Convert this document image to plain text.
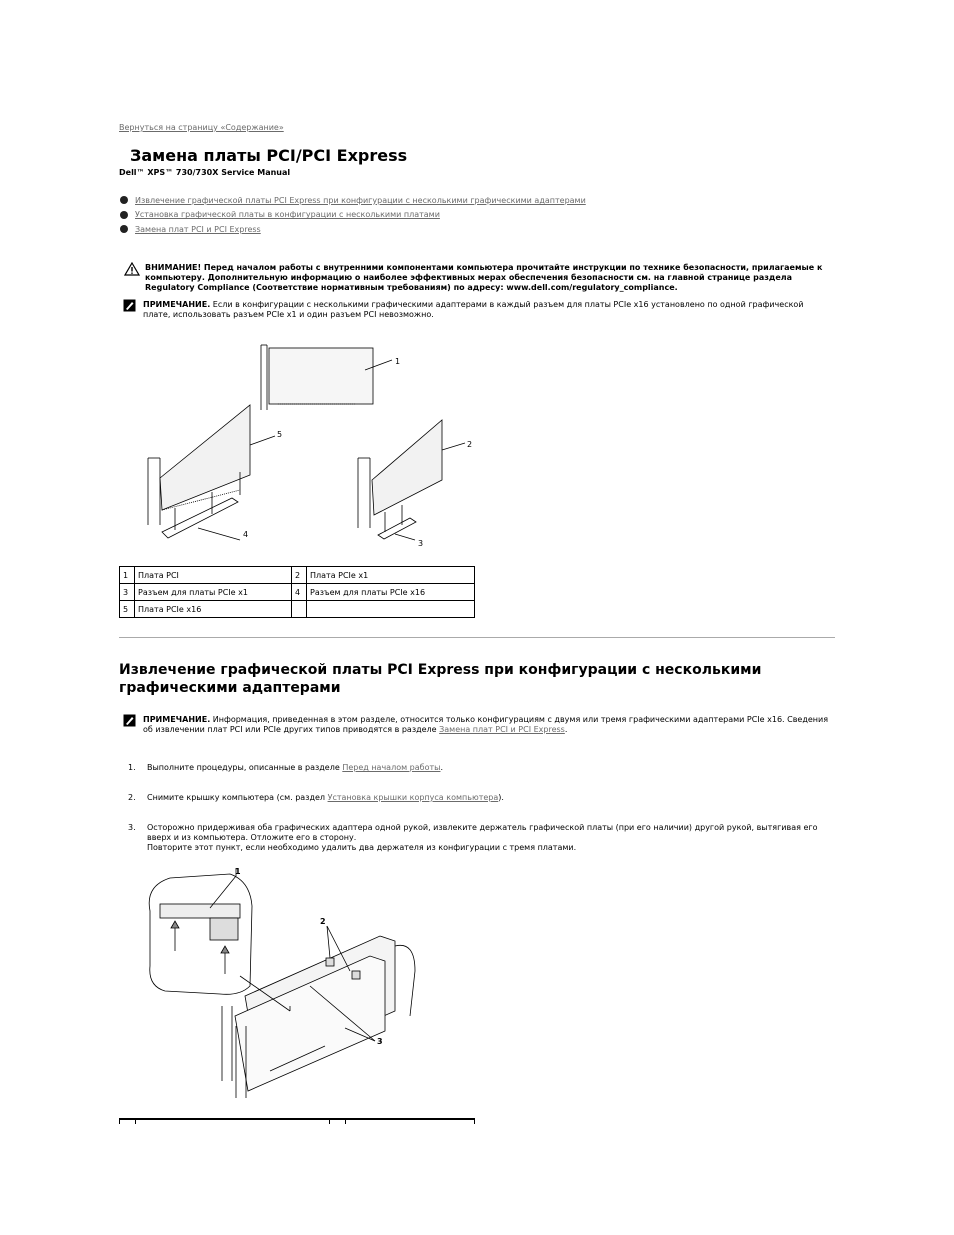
Вернуться на страницу «Содержание»
Замена платы PCI/PCI Express
Dell™ XPS™ 730/730X Service Manual
Извлечение графической платы PCI Express при конфигурации с несколькими графическими адаптерами
Установка графической платы в конфигурации с несколькими платами
Замена плат PCI и PCI Express
ВНИМАНИЕ! Перед началом работы с внутренними компонентами компьютера прочитайте инструкции по технике безопасности, прилагаемые к компьютеру. Дополнительную информацию о наиболее эффективных мерах обеспечения безопасности см. на главной странице раздела Regulatory Compliance (Соответствие нормативным требованиям) по адресу: www.dell.com/regulatory_compliance.
ПРИМЕЧАНИЕ. Если в конфигурации с несколькими графическими адаптерами в каждый разъем для платы PCIe x16 установлено по одной графической плате, использовать разъем PCIe x1 и один разъем PCI невозможно.
1
2
3
4
5
1	Плата PCI	2	Плата PCIe x1
3	Разъем для платы PCIe x1	4	Разъем для платы PCIe x16
5	Плата PCIe x16		
Извлечение графической платы PCI Express при конфигурации с несколькими графическими адаптерами
ПРИМЕЧАНИЕ. Информация, приведенная в этом разделе, относится только конфигурациям с двумя или тремя графическими адаптерами PCIe x16. Сведения об извлечении плат PCI или PCIe других типов приводятся в разделе Замена плат PCI и PCI Express.
1.	Выполните процедуры, описанные в разделе Перед началом работы.
2.	Снимите крышку компьютера (см. раздел Установка крышки корпуса компьютера).
3.	Осторожно придерживая оба графических адаптера одной рукой, извлеките держатель графической платы (при его наличии) другой рукой, вытягивая его вверх и из компьютера. Отложите его в сторону.
Повторите этот пункт, если необходимо удалить два держателя из конфигурации с тремя платами.
1
2
3
